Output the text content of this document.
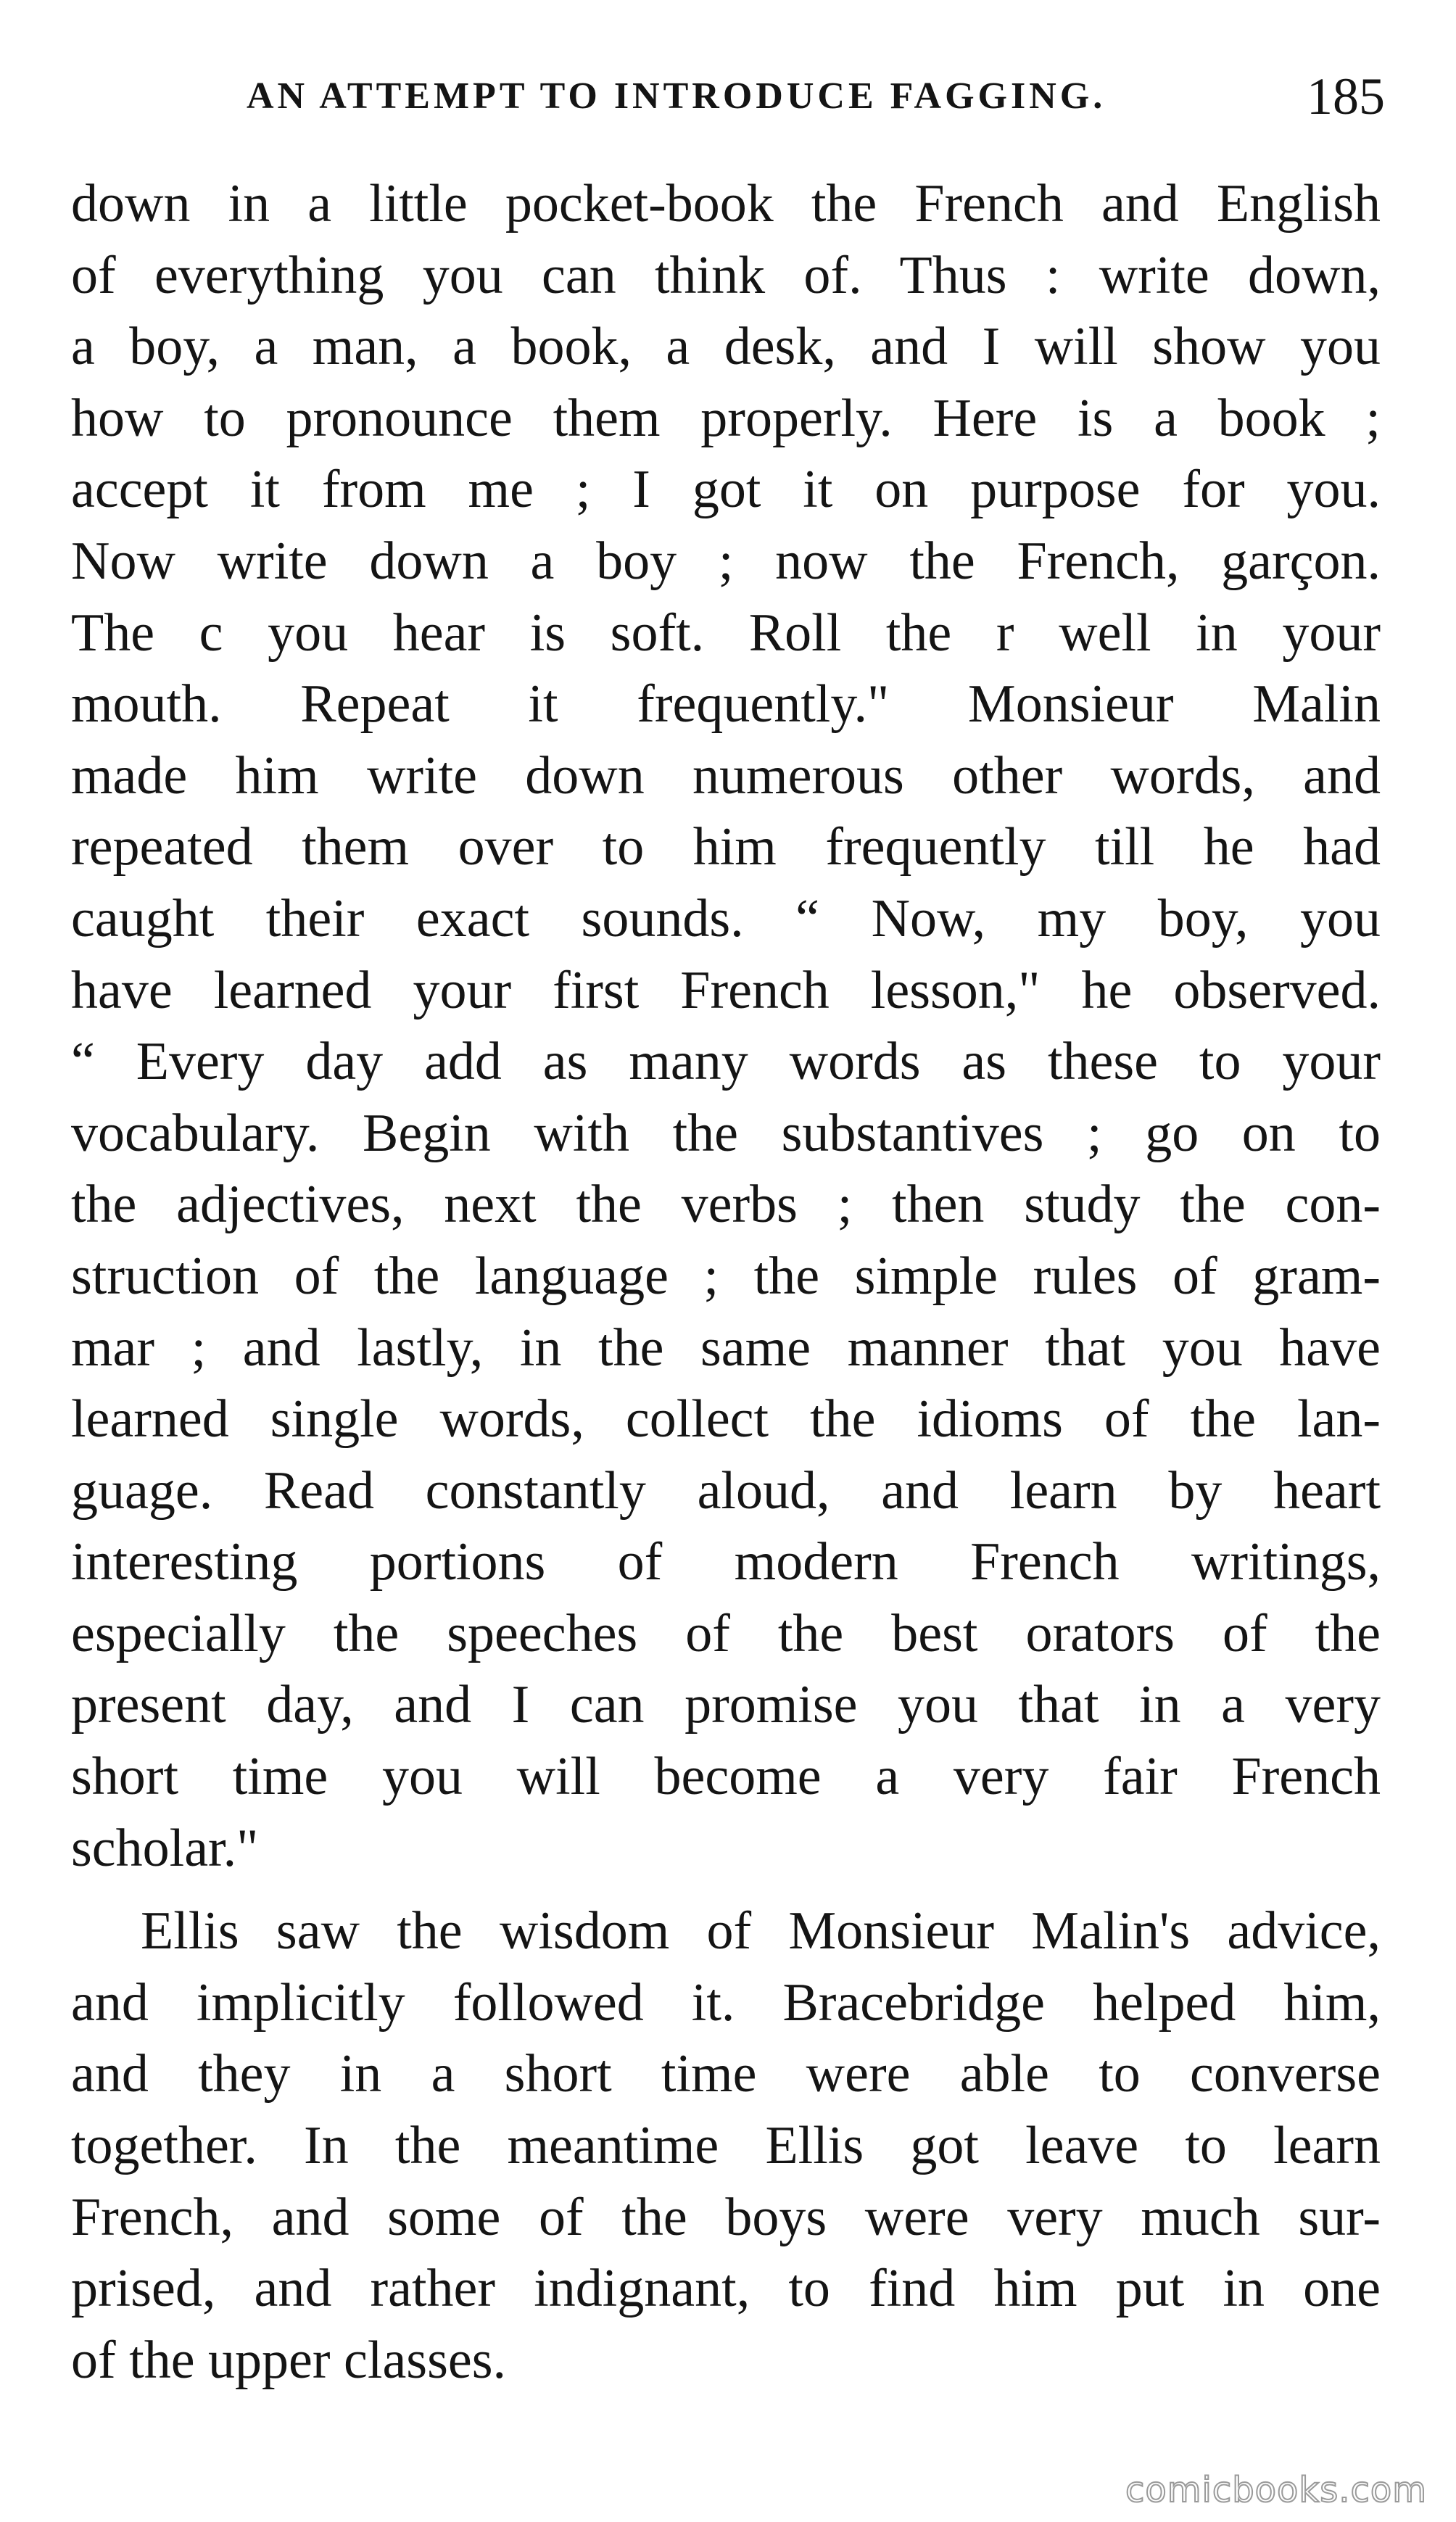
AN ATTEMPT TO INTRODUCE FAGGING.	185
down in a little pocket-book the French and English
of everything you can think of. Thus : write down,
a boy, a man, a book, a desk, and I will show you
how to pronounce them properly. Here is a book ;
accept it from me ; I got it on purpose for you.
Now write down a boy ; now the French, garçon.
The c you hear is soft. Roll the r well in your
mouth. Repeat it frequently." Monsieur Malin
made him write down numerous other words, and
repeated them over to him frequently till he had
caught their exact sounds. “ Now, my boy, you
have learned your first French lesson," he observed.
“ Every day add as many words as these to your
vocabulary. Begin with the substantives ; go on to
the adjectives, next the verbs ; then study the con-
struction of the language ; the simple rules of gram-
mar ; and lastly, in the same manner that you have
learned single words, collect the idioms of the lan-
guage. Read constantly aloud, and learn by heart
interesting portions of modern French writings,
especially the speeches of the best orators of the
present day, and I can promise you that in a very
short time you will become a very fair French
scholar."
Ellis saw the wisdom of Monsieur Malin's advice,
and implicitly followed it. Bracebridge helped him,
and they in a short time were able to converse
together. In the meantime Ellis got leave to learn
French, and some of the boys were very much sur-
prised, and rather indignant, to find him put in one
of the upper classes.
comicbooks.com
